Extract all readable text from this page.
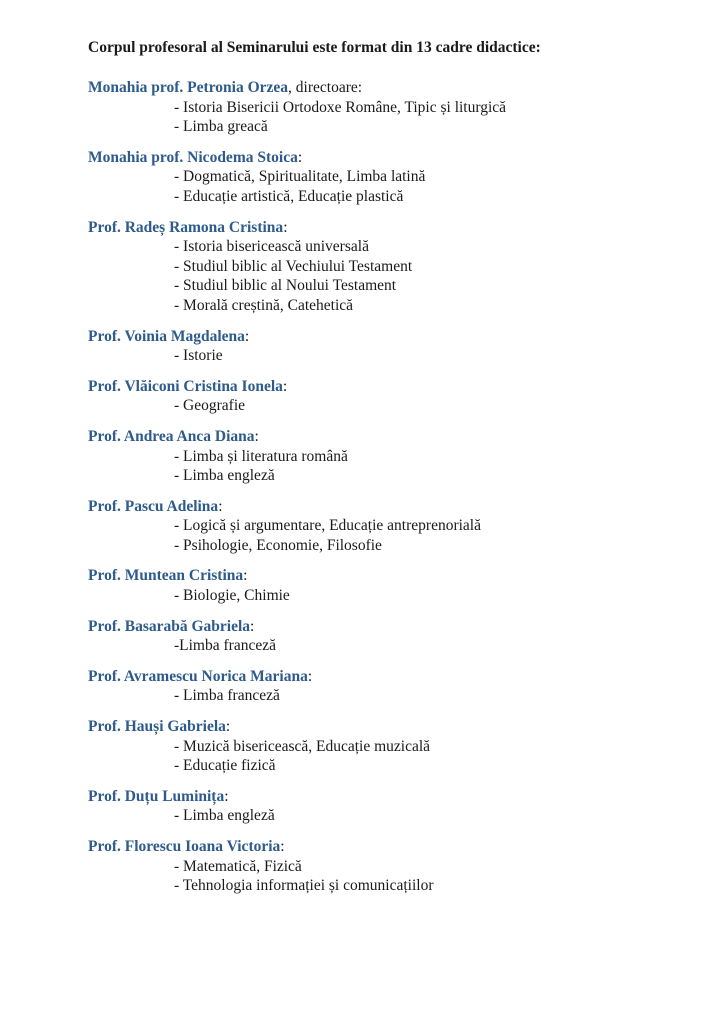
Corpul profesoral al Seminarului este format din 13 cadre didactice:
Monahia prof. Petronia Orzea, directoare:
- Istoria Bisericii Ortodoxe Române, Tipic și liturgică
- Limba greacă
Monahia prof. Nicodema Stoica:
- Dogmatică, Spiritualitate, Limba latină
- Educație artistică, Educație plastică
Prof. Radeș Ramona Cristina:
- Istoria bisericească universală
- Studiul biblic al Vechiului Testament
- Studiul biblic al Noului Testament
- Morală creștină, Catehetică
Prof. Voinia Magdalena:
- Istorie
Prof. Vlăiconi Cristina Ionela:
- Geografie
Prof. Andrea Anca Diana:
- Limba și literatura română
- Limba engleză
Prof. Pascu Adelina:
- Logică și argumentare, Educație antreprenorială
- Psihologie, Economie, Filosofie
Prof. Muntean Cristina:
- Biologie, Chimie
Prof. Basarabă Gabriela:
-Limba franceză
Prof. Avramescu Norica Mariana:
- Limba franceză
Prof. Hauși Gabriela:
- Muzică bisericească, Educație muzicală
- Educație fizică
Prof. Duțu Luminița:
- Limba engleză
Prof. Florescu Ioana Victoria:
- Matematică, Fizică
- Tehnologia informației și comunicațiilor
